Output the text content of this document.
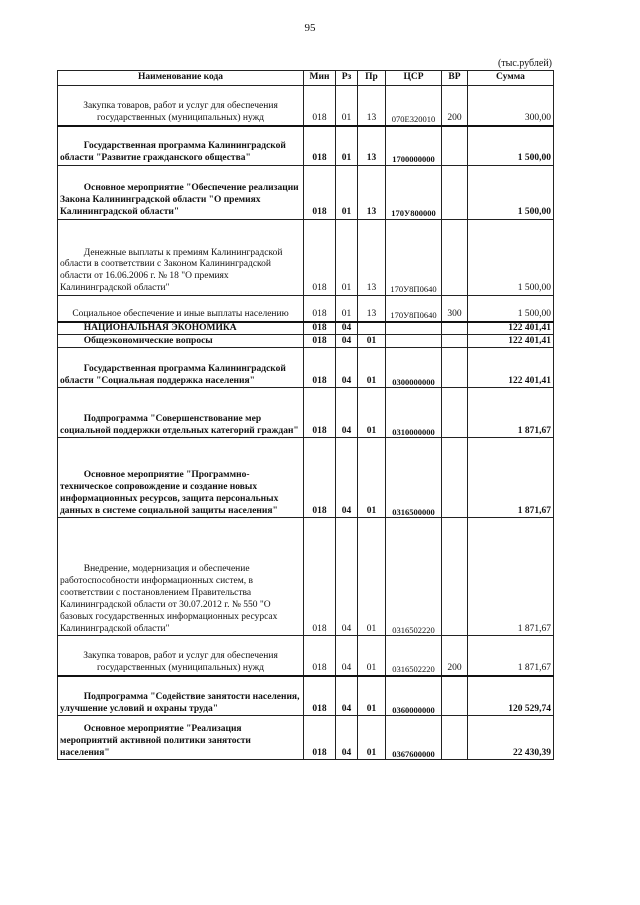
95
(тыс.рублей)
Наименование кода	Мин	Рз	Пр	ЦСР	ВР	Сумма
Закупка товаров, работ и услуг для обеспечения государственных (муниципальных) нужд	018	01	13	070Е320010	200	300,00
Государственная программа Калининградской области "Развитие гражданского общества"	018	01	13	1700000000		1 500,00
Основное мероприятие "Обеспечение реализации Закона Калининградской области "О премиях Калининградской области"	018	01	13	170У800000		1 500,00
Денежные выплаты к премиям Калининградской области в соответствии с Законом Калининградской области от 16.06.2006 г. № 18 "О премиях Калининградской области"	018	01	13	170У8П0640		1 500,00
Социальное обеспечение и иные выплаты населению	018	01	13	170У8П0640	300	1 500,00
НАЦИОНАЛЬНАЯ ЭКОНОМИКА	018	04				122 401,41
Общеэкономические вопросы	018	04	01			122 401,41
Государственная программа Калининградской области "Социальная поддержка населения"	018	04	01	0300000000		122 401,41
Подпрограмма "Совершенствование мер социальной поддержки отдельных категорий граждан"	018	04	01	0310000000		1 871,67
Основное мероприятие "Программно-техническое сопровождение и создание новых информационных ресурсов, защита персональных данных в системе социальной защиты населения"	018	04	01	0316500000		1 871,67
Внедрение, модернизация и обеспечение работоспособности информационных систем, в соответствии с постановлением Правительства Калининградской области от 30.07.2012 г. № 550 "О базовых государственных информационных ресурсах Калининградской области"	018	04	01	0316502220		1 871,67
Закупка товаров, работ и услуг для обеспечения государственных (муниципальных) нужд	018	04	01	0316502220	200	1 871,67
Подпрограмма "Содействие занятости населения, улучшение условий и охраны труда"	018	04	01	0360000000		120 529,74
Основное мероприятие "Реализация мероприятий активной политики занятости населения"	018	04	01	0367600000		22 430,39
